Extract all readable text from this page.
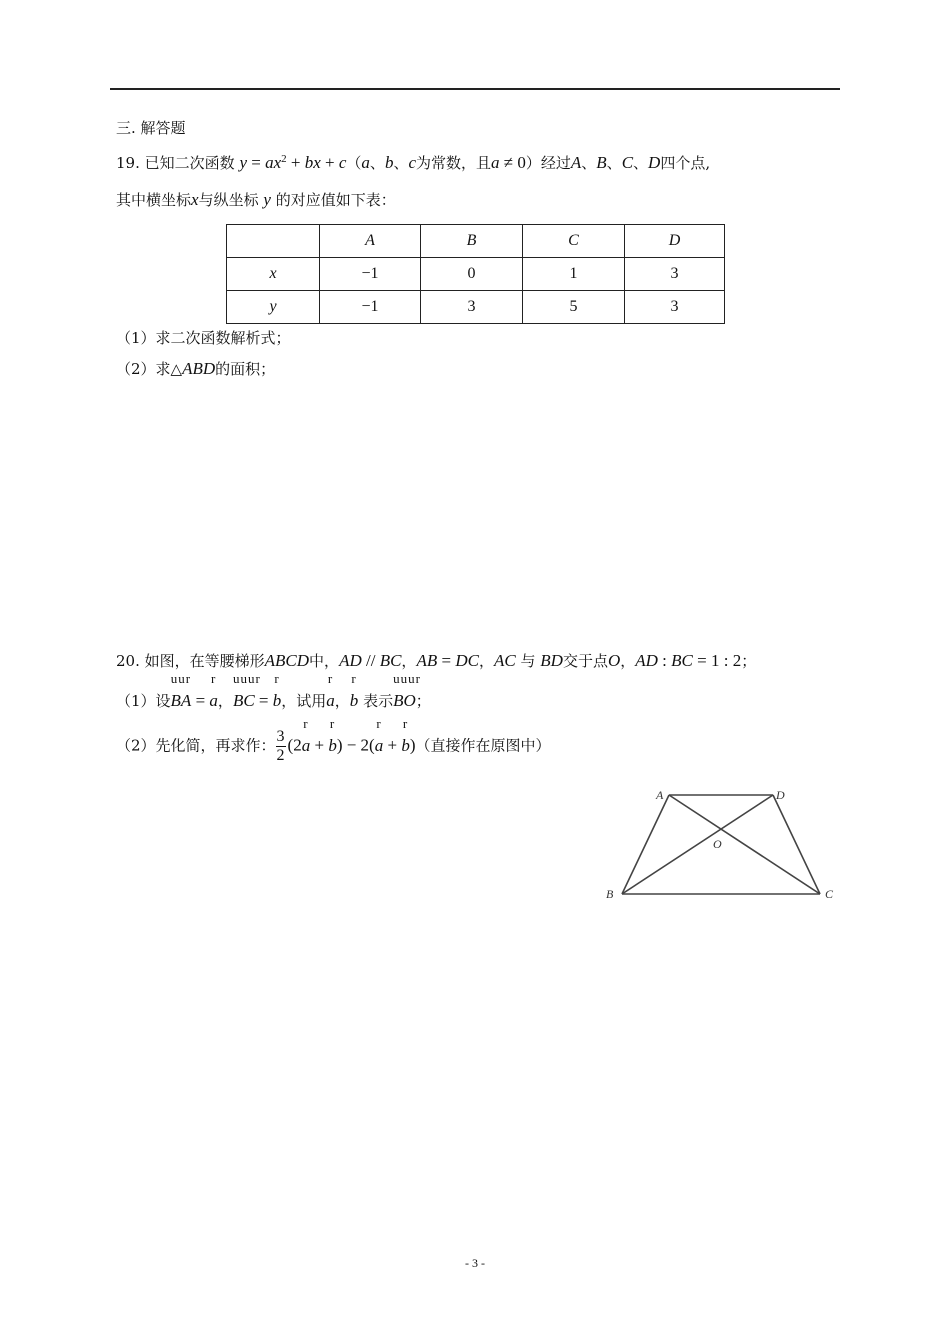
三. 解答题
19. 已知二次函数 $y = ax^2$ + bx + c（a、b、c为常数，且a ≠ 0）经过A、B、C、D四个点,
其中横坐标x与纵坐标 y 的对应值如下表：
	A	B	C	D
x	−1	0	1	3
y	−1	3	5	3
（1）求二次函数解析式；
（2）求△ABD的面积；
20. 如图，在等腰梯形ABCD中，AD // BC，AB = DC，AC 与 BD交于点O，AD : BC = 1 : 2；
（1）设
uur
BA =
r
a，
uuur
BC =
r
b，试用
r
a，
r
b 表示
uuur
BO；
（2）先化简，再求作： $\frac{3}{2} (2$
r
a +
r
b) − 2(
r
a +
r
b)（直接作在原图中）
A	D
O
B	C
- 3 -
